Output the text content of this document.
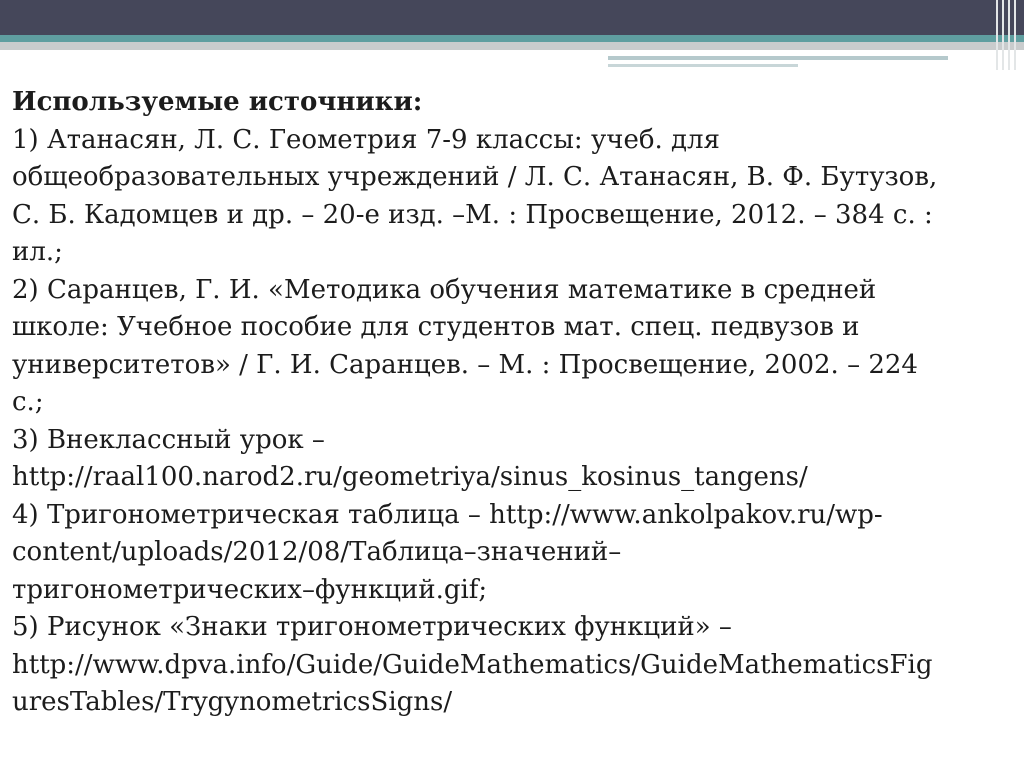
Используемые источники:
1) Атанасян, Л. С. Геометрия 7-9 классы: учеб. для
общеобразовательных учреждений / Л. С. Атанасян, В. Ф. Бутузов,
С. Б. Кадомцев и др. – 20-е изд. –М. : Просвещение, 2012. – 384 с. :
ил.;
2) Саранцев, Г. И. «Методика обучения математике в средней
школе: Учебное пособие для студентов мат. спец. педвузов и
университетов» / Г. И. Саранцев. – М. : Просвещение, 2002. – 224
с.;
3) Внеклассный урок –
http://raal100.narod2.ru/geometriya/sinus_kosinus_tangens/
4) Тригонометрическая таблица – http://www.ankolpakov.ru/wp-
content/uploads/2012/08/Таблица–значений–
тригонометрических–функций.gif;
5) Рисунок «Знаки тригонометрических функций» –
http://www.dpva.info/Guide/GuideMathematics/GuideMathematicsFig
uresTables/TrygynometricsSigns/
